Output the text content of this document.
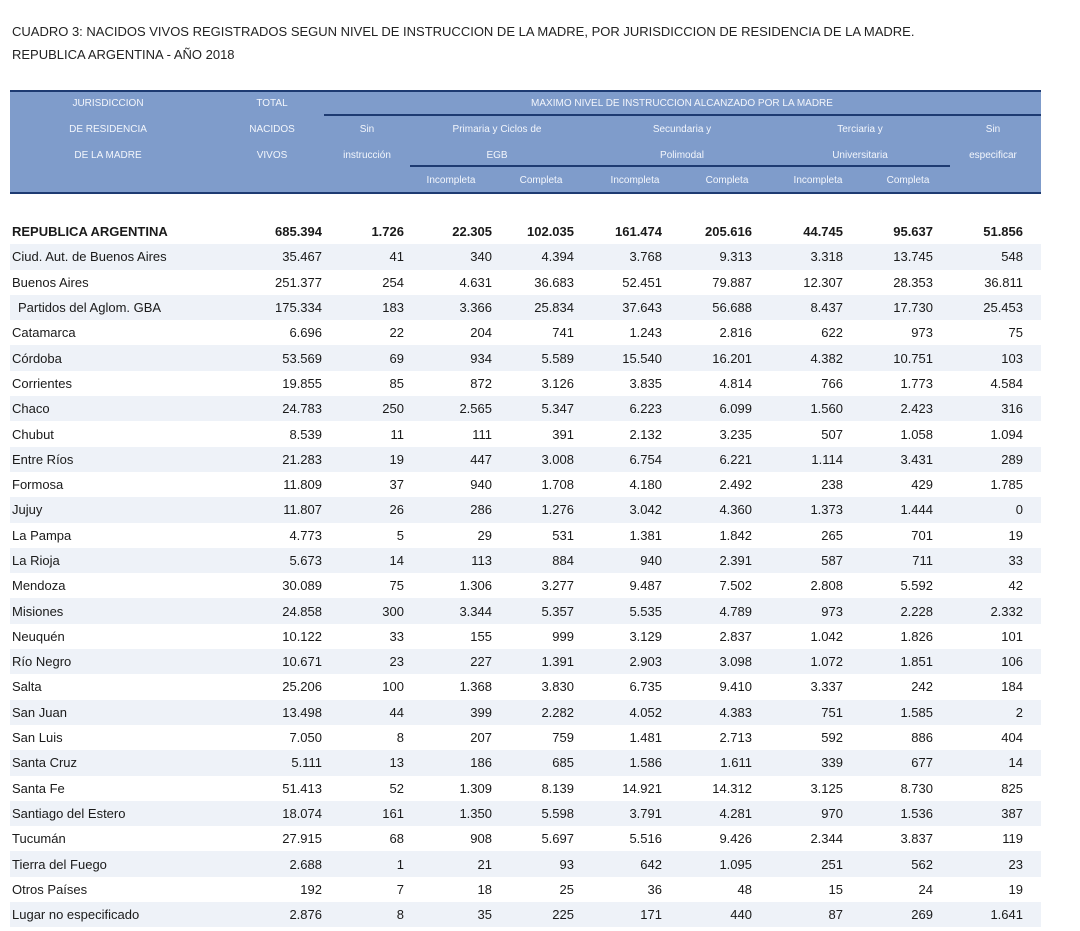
CUADRO 3: NACIDOS VIVOS REGISTRADOS SEGUN NIVEL DE INSTRUCCION DE LA MADRE, POR JURISDICCION DE RESIDENCIA DE LA MADRE.
REPUBLICA ARGENTINA - AÑO 2018
JURISDICCION
DE RESIDENCIA
DE LA MADRE
TOTAL
NACIDOS
VIVOS
MAXIMO NIVEL DE INSTRUCCION ALCANZADO POR LA MADRE
Sin
instrucción
Primaria y Ciclos de
EGB
Secundaria y
Polimodal
Terciaria y
Universitaria
Sin
especificar
Incompleta	Completa	Incompleta	Completa	Incompleta	Completa
REPUBLICA ARGENTINA	685.394	1.726	22.305	102.035	161.474	205.616	44.745	95.637	51.856
Ciud. Aut. de Buenos Aires	35.467	41	340	4.394	3.768	9.313	3.318	13.745	548
Buenos Aires	251.377	254	4.631	36.683	52.451	79.887	12.307	28.353	36.811
Partidos del Aglom. GBA	175.334	183	3.366	25.834	37.643	56.688	8.437	17.730	25.453
Catamarca	6.696	22	204	741	1.243	2.816	622	973	75
Córdoba	53.569	69	934	5.589	15.540	16.201	4.382	10.751	103
Corrientes	19.855	85	872	3.126	3.835	4.814	766	1.773	4.584
Chaco	24.783	250	2.565	5.347	6.223	6.099	1.560	2.423	316
Chubut	8.539	11	111	391	2.132	3.235	507	1.058	1.094
Entre Ríos	21.283	19	447	3.008	6.754	6.221	1.114	3.431	289
Formosa	11.809	37	940	1.708	4.180	2.492	238	429	1.785
Jujuy	11.807	26	286	1.276	3.042	4.360	1.373	1.444	0
La Pampa	4.773	5	29	531	1.381	1.842	265	701	19
La Rioja	5.673	14	113	884	940	2.391	587	711	33
Mendoza	30.089	75	1.306	3.277	9.487	7.502	2.808	5.592	42
Misiones	24.858	300	3.344	5.357	5.535	4.789	973	2.228	2.332
Neuquén	10.122	33	155	999	3.129	2.837	1.042	1.826	101
Río Negro	10.671	23	227	1.391	2.903	3.098	1.072	1.851	106
Salta	25.206	100	1.368	3.830	6.735	9.410	3.337	242	184
San Juan	13.498	44	399	2.282	4.052	4.383	751	1.585	2
San Luis	7.050	8	207	759	1.481	2.713	592	886	404
Santa Cruz	5.111	13	186	685	1.586	1.611	339	677	14
Santa Fe	51.413	52	1.309	8.139	14.921	14.312	3.125	8.730	825
Santiago del Estero	18.074	161	1.350	5.598	3.791	4.281	970	1.536	387
Tucumán	27.915	68	908	5.697	5.516	9.426	2.344	3.837	119
Tierra del Fuego	2.688	1	21	93	642	1.095	251	562	23
Otros Países	192	7	18	25	36	48	15	24	19
Lugar no especificado	2.876	8	35	225	171	440	87	269	1.641
